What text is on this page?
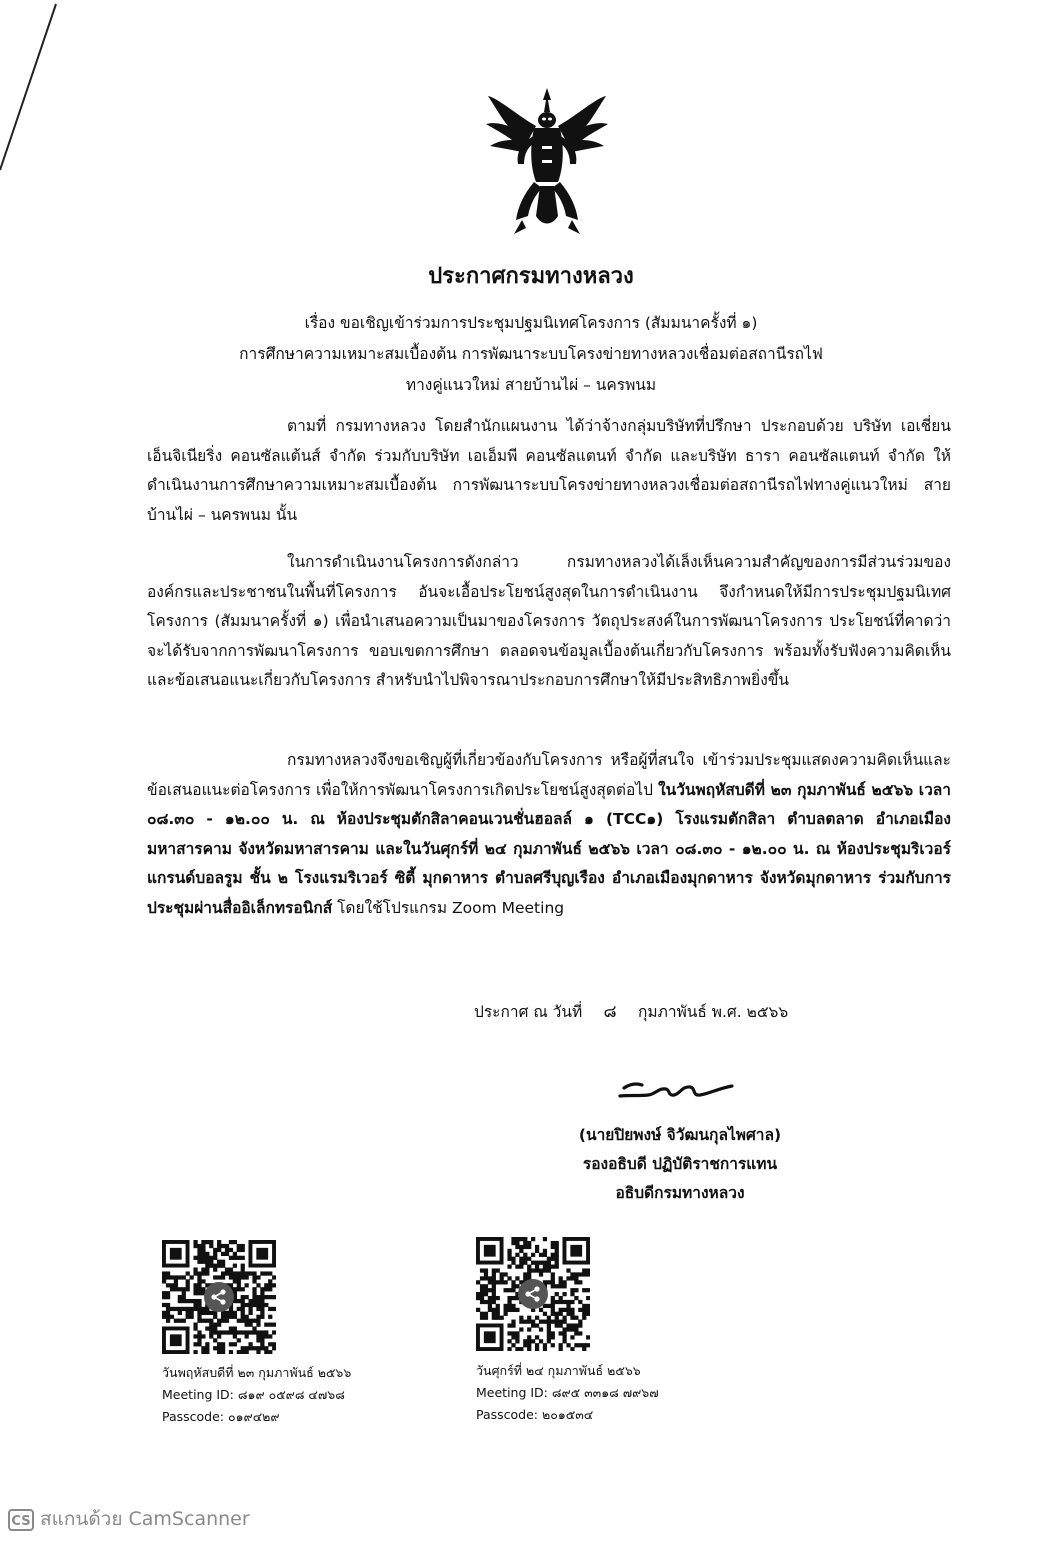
ประกาศกรมทางหลวง
เรื่อง ขอเชิญเข้าร่วมการประชุมปฐมนิเทศโครงการ (สัมมนาครั้งที่ ๑)
การศึกษาความเหมาะสมเบื้องต้น การพัฒนาระบบโครงข่ายทางหลวงเชื่อมต่อสถานีรถไฟ
ทางคู่แนวใหม่ สายบ้านไผ่ – นครพนม

ตามที่ กรมทางหลวง โดยสำนักแผนงาน ได้ว่าจ้างกลุ่มบริษัทที่ปรึกษา ประกอบด้วย บริษัท เอเชี่ยน เอ็นจิเนียริ่ง คอนซัลแต้นส์ จำกัด ร่วมกับบริษัท เอเอ็มพี คอนซัลแตนท์ จำกัด และบริษัท ธารา คอนซัลแตนท์ จำกัด ให้ดำเนินงานการศึกษาความเหมาะสมเบื้องต้น การพัฒนาระบบโครงข่ายทางหลวงเชื่อมต่อสถานีรถไฟทางคู่แนวใหม่ สายบ้านไผ่ – นครพนม นั้น

ในการดำเนินงานโครงการดังกล่าว กรมทางหลวงได้เล็งเห็นความสำคัญของการมีส่วนร่วมขององค์กรและประชาชนในพื้นที่โครงการ อันจะเอื้อประโยชน์สูงสุดในการดำเนินงาน จึงกำหนดให้มีการประชุมปฐมนิเทศโครงการ (สัมมนาครั้งที่ ๑) เพื่อนำเสนอความเป็นมาของโครงการ วัตถุประสงค์ในการพัฒนาโครงการ ประโยชน์ที่คาดว่าจะได้รับจากการพัฒนาโครงการ ขอบเขตการศึกษา ตลอดจนข้อมูลเบื้องต้นเกี่ยวกับโครงการ พร้อมทั้งรับฟังความคิดเห็นและข้อเสนอแนะเกี่ยวกับโครงการ สำหรับนำไปพิจารณาประกอบการศึกษาให้มีประสิทธิภาพยิ่งขึ้น

กรมทางหลวงจึงขอเชิญผู้ที่เกี่ยวข้องกับโครงการ หรือผู้ที่สนใจ เข้าร่วมประชุมแสดงความคิดเห็นและข้อเสนอแนะต่อโครงการ เพื่อให้การพัฒนาโครงการเกิดประโยชน์สูงสุดต่อไป ในวันพฤหัสบดีที่ ๒๓ กุมภาพันธ์ ๒๕๖๖ เวลา ๐๘.๓๐ - ๑๒.๐๐ น. ณ ห้องประชุมตักสิลาคอนเวนชั่นฮอลล์ ๑ (TCC๑) โรงแรมตักสิลา ตำบลตลาด อำเภอเมืองมหาสารคาม จังหวัดมหาสารคาม และในวันศุกร์ที่ ๒๔ กุมภาพันธ์ ๒๕๖๖ เวลา ๐๘.๓๐ - ๑๒.๐๐ น. ณ ห้องประชุมริเวอร์แกรนด์บอลรูม ชั้น ๒ โรงแรมริเวอร์ ซิตี้ มุกดาหาร ตำบลศรีบุญเรือง อำเภอเมืองมุกดาหาร จังหวัดมุกดาหาร ร่วมกับการประชุมผ่านสื่ออิเล็กทรอนิกส์ โดยใช้โปรแกรม Zoom Meeting

ประกาศ ณ วันที่ ๘ กุมภาพันธ์ พ.ศ. ๒๕๖๖
(นายปิยพงษ์ จิวัฒนกุลไพศาล)
รองอธิบดี ปฏิบัติราชการแทน
อธิบดีกรมทางหลวง
วันพฤหัสบดีที่ ๒๓ กุมภาพันธ์ ๒๕๖๖
Meeting ID: ๘๑๙ ๐๕๙๘ ๔๗๖๘
Passcode: ๐๑๙๔๒๙
วันศุกร์ที่ ๒๔ กุมภาพันธ์ ๒๕๖๖
Meeting ID: ๘๙๕ ๓๓๑๘ ๗๙๖๗
Passcode: ๒๐๑๕๓๔
CS สแกนด้วย CamScanner
